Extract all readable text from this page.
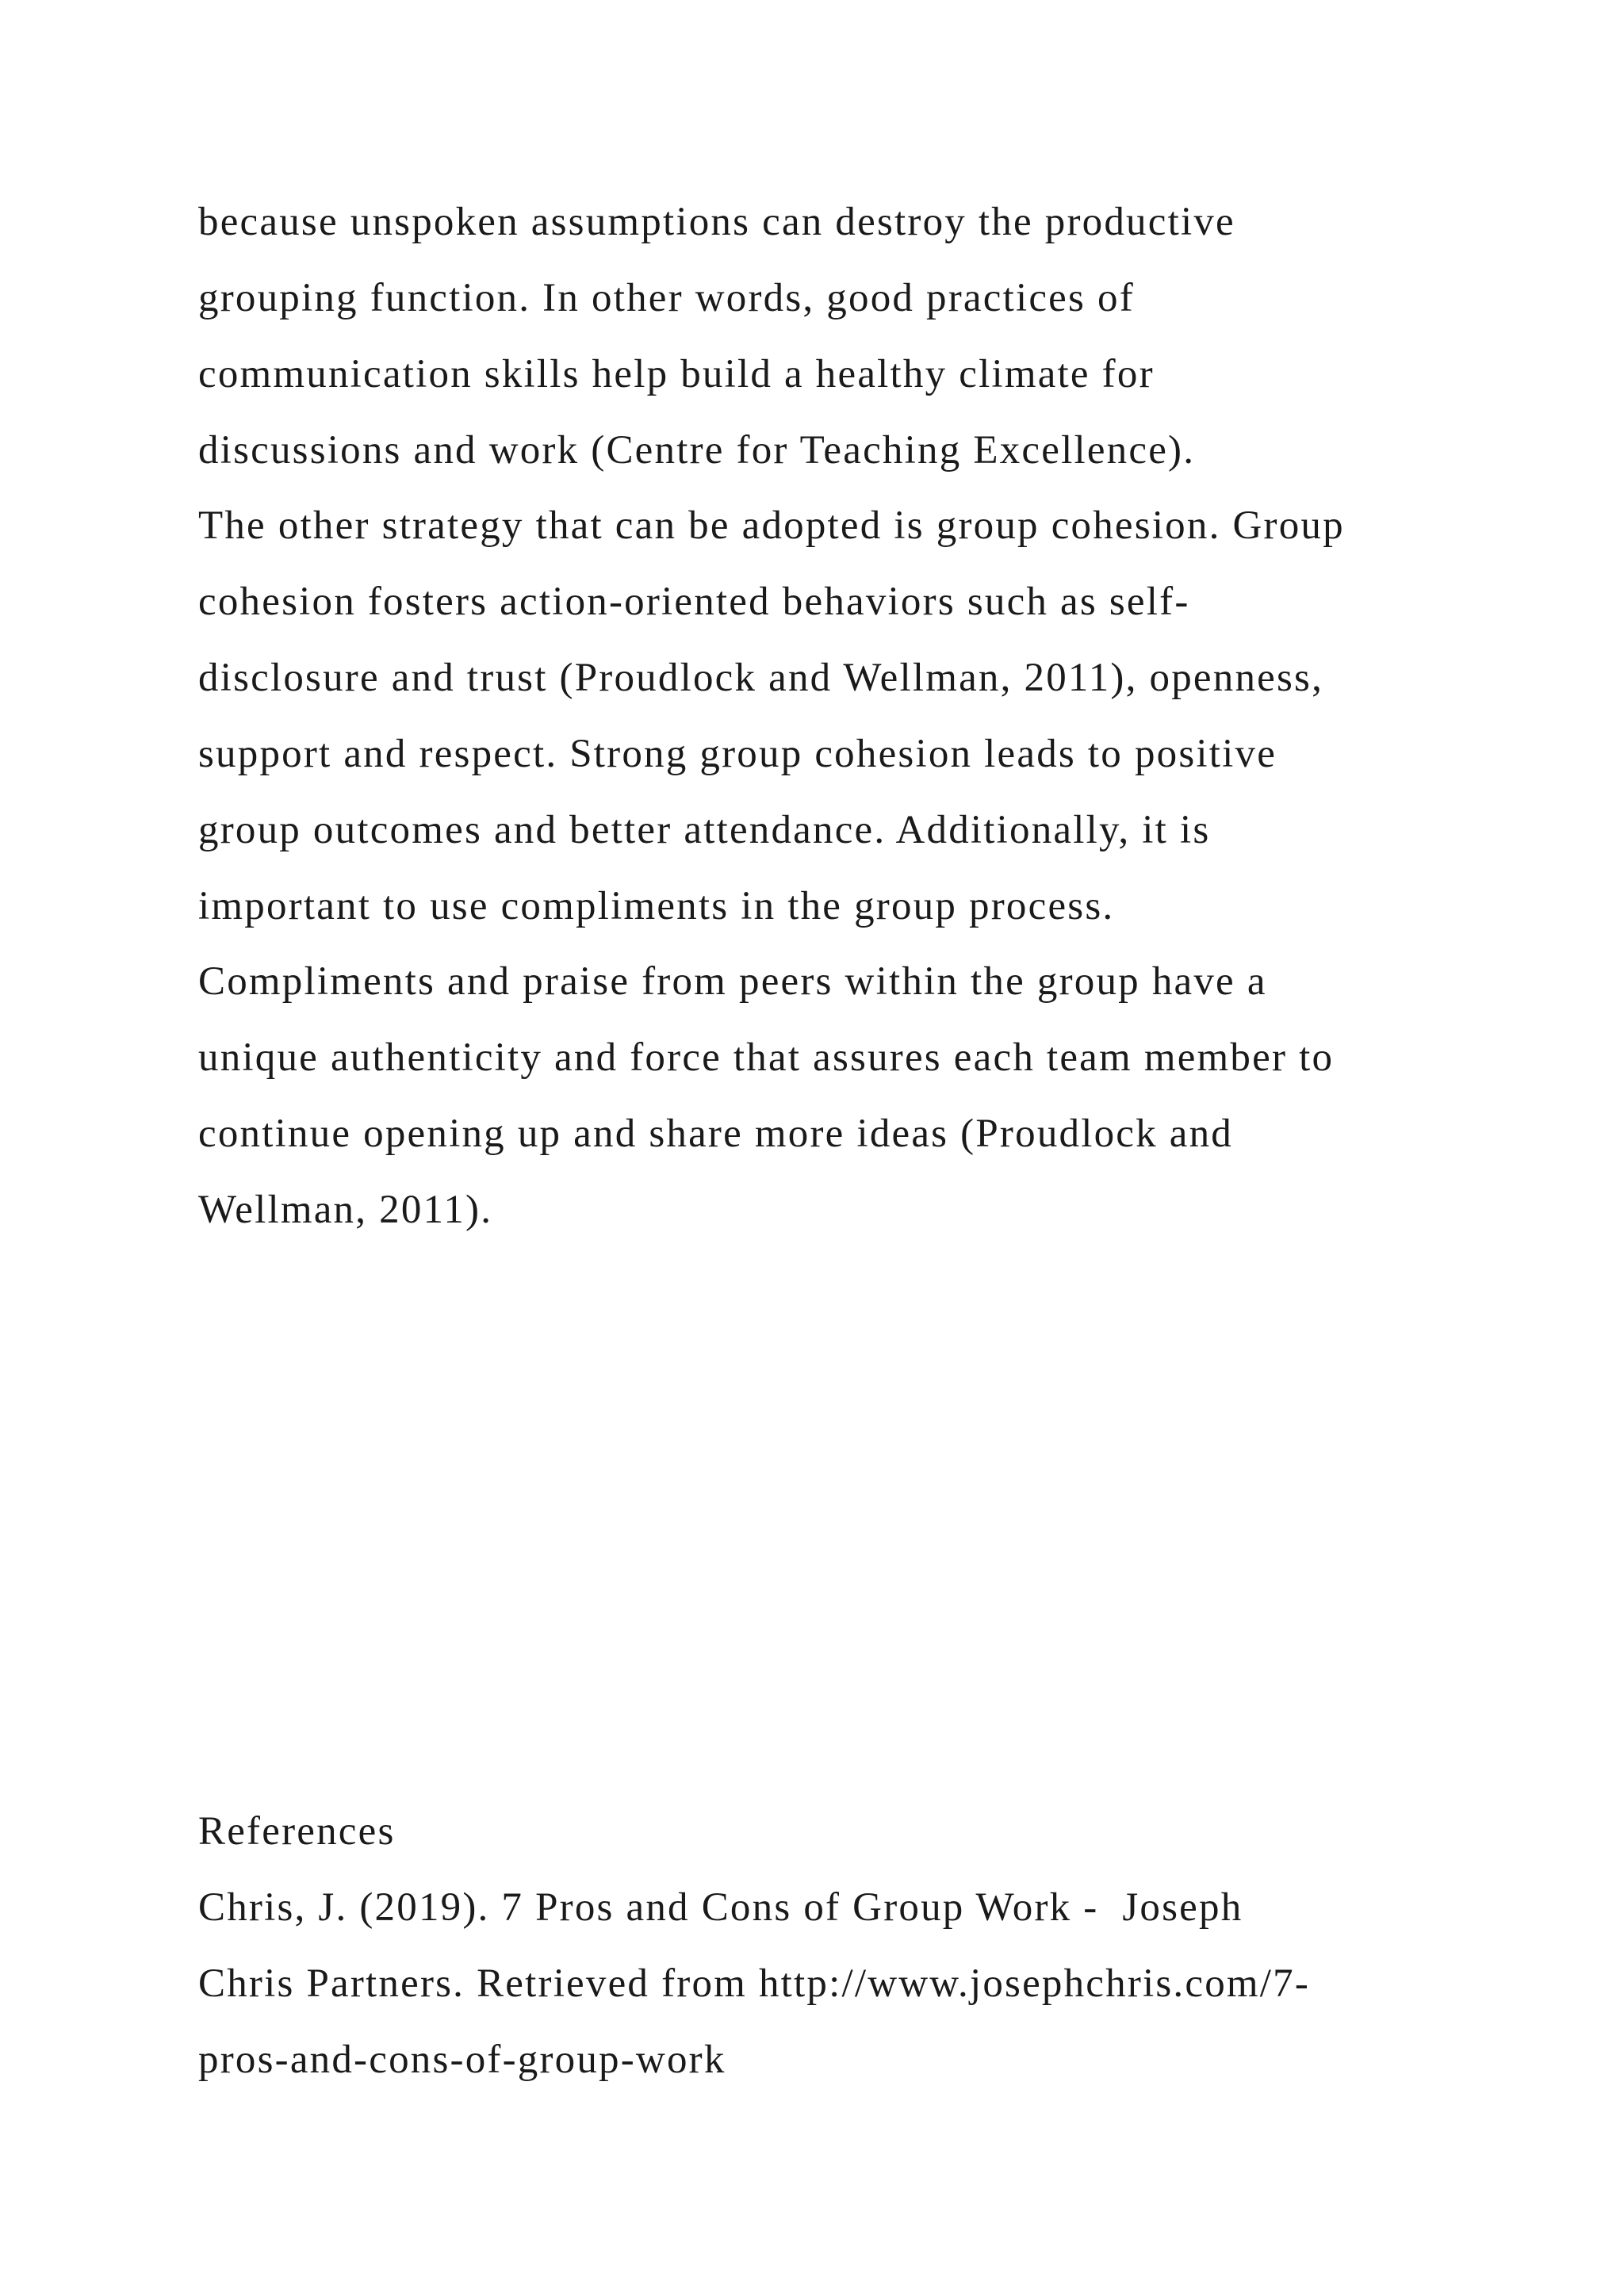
because unspoken assumptions can destroy the productive

grouping function. In other words, good practices of

communication skills help build a healthy climate for

discussions and work (Centre for Teaching Excellence).

The other strategy that can be adopted is group cohesion. Group

cohesion fosters action-oriented behaviors such as self-

disclosure and trust (Proudlock and Wellman, 2011), openness,

support and respect. Strong group cohesion leads to positive

group outcomes and better attendance. Additionally, it is

important to use compliments in the group process.

Compliments and praise from peers within the group have a

unique authenticity and force that assures each team member to

continue opening up and share more ideas (Proudlock and

Wellman, 2011).

References

Chris, J. (2019). 7 Pros and Cons of Group Work -  Joseph

Chris Partners. Retrieved from http://www.josephchris.com/7-

pros-and-cons-of-group-work
